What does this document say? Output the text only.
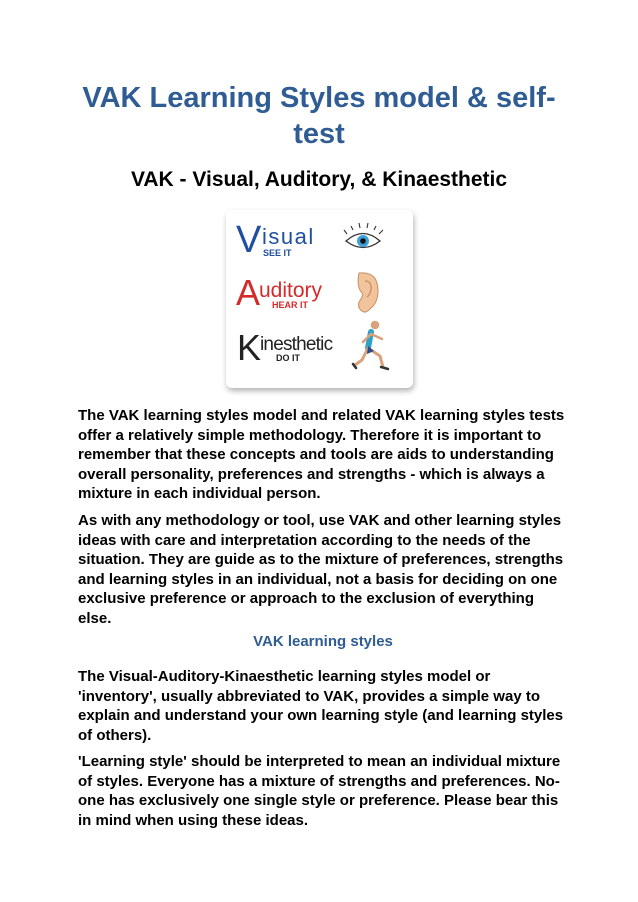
VAK Learning Styles model & self-test
VAK - Visual, Auditory, & Kinaesthetic
V isual
SEE IT
A
uditory
HEAR IT
K
inesthetic
DO IT

The VAK learning styles model and related VAK learning styles tests offer a relatively simple methodology. Therefore it is important to remember that these concepts and tools are aids to understanding overall personality, preferences and strengths - which is always a mixture in each individual person.

As with any methodology or tool, use VAK and other learning styles ideas with care and interpretation according to the needs of the situation. They are guide as to the mixture of preferences, strengths and learning styles in an individual, not a basis for deciding on one exclusive preference or approach to the exclusion of everything else.

VAK learning styles

The Visual-Auditory-Kinaesthetic learning styles model or 'inventory', usually abbreviated to VAK, provides a simple way to explain and understand your own learning style (and learning styles of others).

'Learning style' should be interpreted to mean an individual mixture of styles. Everyone has a mixture of strengths and preferences. No-one has exclusively one single style or preference. Please bear this in mind when using these ideas.
